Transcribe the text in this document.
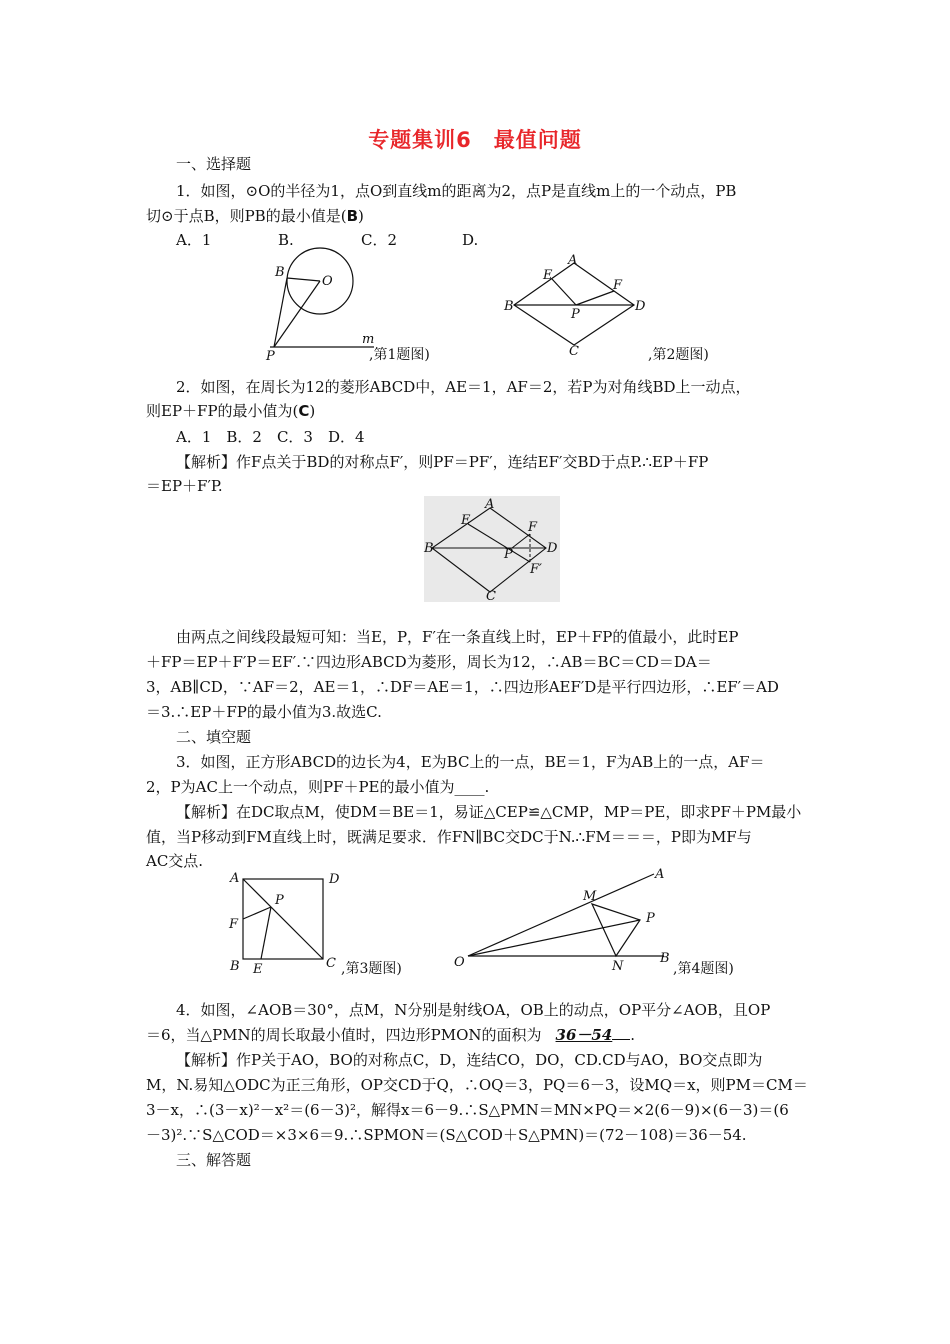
专题集训6　最值问题
一、选择题
1．如图，⊙O的半径为1，点O到直线m的距离为2，点P是直线m上的一个动点，PB
切⊙于点B，则PB的最小值是(B)
A．1	B.	C．2	D.
B
O
P
m
,第1题图)
A
E
F
B
P
D
C	,第2题图)
2．如图，在周长为12的菱形ABCD中，AE＝1，AF＝2，若P为对角线BD上一动点，
则EP＋FP的最小值为(C)
A．1　B．2　C．3　D．4
【解析】作F点关于BD的对称点F′，则PF＝PF′，连结EF′交BD于点P.∴EP＋FP
＝EP＋F′P.
A
E	F
B	P	D
F′
C
由两点之间线段最短可知：当E，P，F′在一条直线上时，EP＋FP的值最小，此时EP
＋FP＝EP＋F′P＝EF′.∵四边形ABCD为菱形，周长为12，∴AB＝BC＝CD＝DA＝
3，AB∥CD，∵AF＝2，AE＝1，∴DF＝AE＝1，∴四边形AEF′D是平行四边形，∴EF′＝AD
＝3.∴EP＋FP的最小值为3.故选C.
二、填空题
3．如图，正方形ABCD的边长为4，E为BC上的一点，BE＝1，F为AB上的一点，AF＝
2，P为AC上一个动点，则PF＋PE的最小值为____.
【解析】在DC取点M，使DM＝BE＝1，易证△CEP≌△CMP，MP＝PE，即求PF＋PM最小
值，当P移动到FM直线上时，既满足要求．作FN∥BC交DC于N.∴FM＝＝＝，P即为MF与
AC交点.
A	D
P
F
B E	C ,第3题图)
A
M
P
O	N
B
,第4题图)
4．如图，∠AOB＝30°，点M，N分别是射线OA，OB上的动点，OP平分∠AOB，且OP
＝6，当△PMN的周长取最小值时，四边形PMON的面积为 36－54 .
【解析】作P关于AO，BO的对称点C，D，连结CO，DO，CD.CD与AO，BO交点即为
M，N.易知△ODC为正三角形，OP交CD于Q，∴OQ＝3，PQ＝6－3，设MQ＝x，则PM＝CM＝
3－x，∴(3－x)²－x²＝(6－3)²，解得x＝6－9.∴S△PMN＝MN×PQ＝×2(6－9)×(6－3)＝(6
－3)².∵S△COD＝×3×6＝9.∴SPMON＝(S△COD＋S△PMN)＝(72－108)＝36－54.
三、解答题
